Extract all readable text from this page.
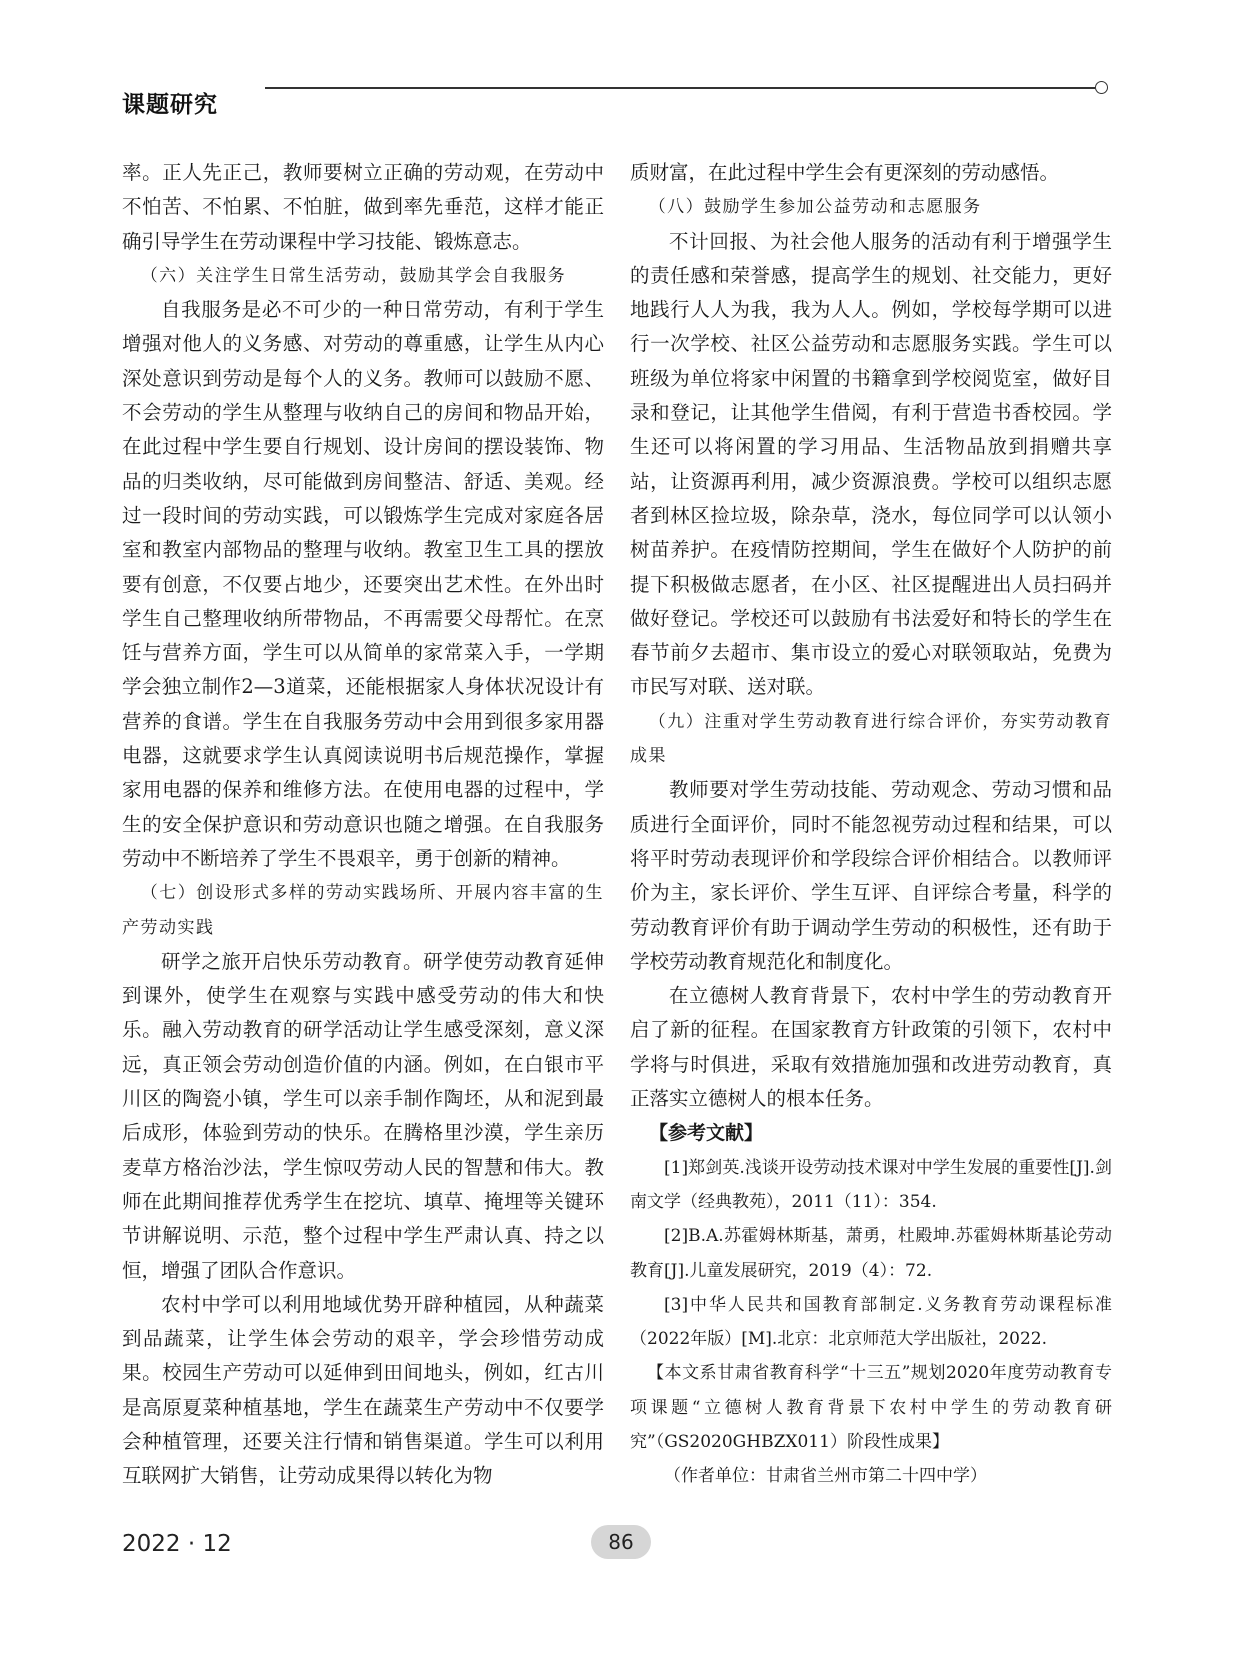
课题研究

率。正人先正己，教师要树立正确的劳动观，在劳动中不怕苦、不怕累、不怕脏，做到率先垂范，这样才能正确引导学生在劳动课程中学习技能、锻炼意志。

（六）关注学生日常生活劳动，鼓励其学会自我服务

自我服务是必不可少的一种日常劳动，有利于学生增强对他人的义务感、对劳动的尊重感，让学生从内心深处意识到劳动是每个人的义务。教师可以鼓励不愿、不会劳动的学生从整理与收纳自己的房间和物品开始，在此过程中学生要自行规划、设计房间的摆设装饰、物品的归类收纳，尽可能做到房间整洁、舒适、美观。经过一段时间的劳动实践，可以锻炼学生完成对家庭各居室和教室内部物品的整理与收纳。教室卫生工具的摆放要有创意，不仅要占地少，还要突出艺术性。在外出时学生自己整理收纳所带物品，不再需要父母帮忙。在烹饪与营养方面，学生可以从简单的家常菜入手，一学期学会独立制作2—3道菜，还能根据家人身体状况设计有营养的食谱。学生在自我服务劳动中会用到很多家用器电器，这就要求学生认真阅读说明书后规范操作，掌握家用电器的保养和维修方法。在使用电器的过程中，学生的安全保护意识和劳动意识也随之增强。在自我服务劳动中不断培养了学生不畏艰辛，勇于创新的精神。

（七）创设形式多样的劳动实践场所、开展内容丰富的生产劳动实践

研学之旅开启快乐劳动教育。研学使劳动教育延伸到课外，使学生在观察与实践中感受劳动的伟大和快乐。融入劳动教育的研学活动让学生感受深刻，意义深远，真正领会劳动创造价值的内涵。例如，在白银市平川区的陶瓷小镇，学生可以亲手制作陶坯，从和泥到最后成形，体验到劳动的快乐。在腾格里沙漠，学生亲历麦草方格治沙法，学生惊叹劳动人民的智慧和伟大。教师在此期间推荐优秀学生在挖坑、填草、掩埋等关键环节讲解说明、示范，整个过程中学生严肃认真、持之以恒，增强了团队合作意识。

农村中学可以利用地域优势开辟种植园，从种蔬菜到品蔬菜，让学生体会劳动的艰辛，学会珍惜劳动成果。校园生产劳动可以延伸到田间地头，例如，红古川是高原夏菜种植基地，学生在蔬菜生产劳动中不仅要学会种植管理，还要关注行情和销售渠道。学生可以利用互联网扩大销售，让劳动成果得以转化为物

质财富，在此过程中学生会有更深刻的劳动感悟。

（八）鼓励学生参加公益劳动和志愿服务

不计回报、为社会他人服务的活动有利于增强学生的责任感和荣誉感，提高学生的规划、社交能力，更好地践行人人为我，我为人人。例如，学校每学期可以进行一次学校、社区公益劳动和志愿服务实践。学生可以班级为单位将家中闲置的书籍拿到学校阅览室，做好目录和登记，让其他学生借阅，有利于营造书香校园。学生还可以将闲置的学习用品、生活物品放到捐赠共享站，让资源再利用，减少资源浪费。学校可以组织志愿者到林区捡垃圾，除杂草，浇水，每位同学可以认领小树苗养护。在疫情防控期间，学生在做好个人防护的前提下积极做志愿者，在小区、社区提醒进出人员扫码并做好登记。学校还可以鼓励有书法爱好和特长的学生在春节前夕去超市、集市设立的爱心对联领取站，免费为市民写对联、送对联。

（九）注重对学生劳动教育进行综合评价，夯实劳动教育成果

教师要对学生劳动技能、劳动观念、劳动习惯和品质进行全面评价，同时不能忽视劳动过程和结果，可以将平时劳动表现评价和学段综合评价相结合。以教师评价为主，家长评价、学生互评、自评综合考量，科学的劳动教育评价有助于调动学生劳动的积极性，还有助于学校劳动教育规范化和制度化。

在立德树人教育背景下，农村中学生的劳动教育开启了新的征程。在国家教育方针政策的引领下，农村中学将与时俱进，采取有效措施加强和改进劳动教育，真正落实立德树人的根本任务。

【参考文献】

[1]郑剑英.浅谈开设劳动技术课对中学生发展的重要性[J].剑南文学（经典教苑），2011（11）：354.

[2]B.A.苏霍姆林斯基，萧勇，杜殿坤.苏霍姆林斯基论劳动教育[J].儿童发展研究，2019（4）：72.

[3]中华人民共和国教育部制定.义务教育劳动课程标准（2022年版）[M].北京：北京师范大学出版社，2022.

【本文系甘肃省教育科学“十三五”规划2020年度劳动教育专项课题“立德树人教育背景下农村中学生的劳动教育研究”（GS2020GHBZX011）阶段性成果】

（作者单位：甘肃省兰州市第二十四中学）

2022 · 12	86
